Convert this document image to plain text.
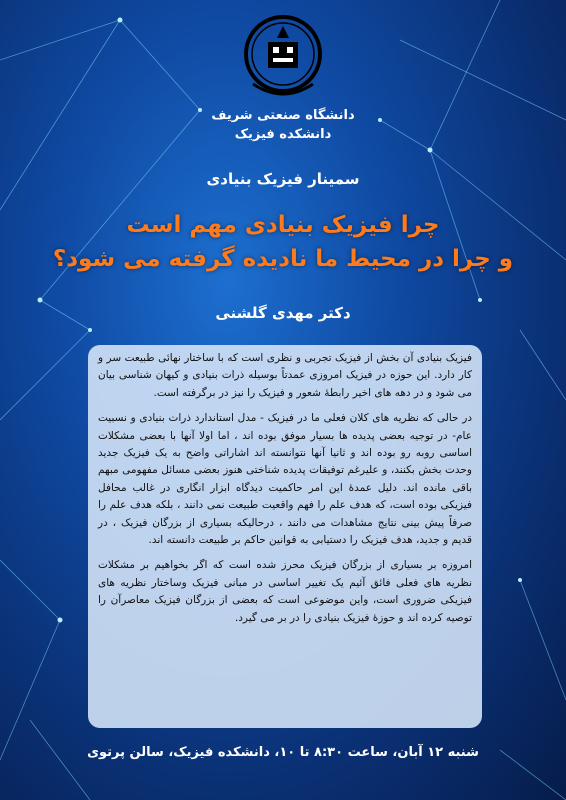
دانشگاه صنعتی شریف
دانشکده فیزیک
سمینار فیزیک بنیادی
چرا فیزیک بنیادی مهم است
و چرا در محیط ما نادیده گرفته می شود؟
دکتر مهدی گلشنی

فیزیک بنیادی آن بخش از فیزیک تجربی و نظری است که با ساختار نهائی طبیعت سر و کار دارد. این حوزه در فیزیک امروزی عمدتاً بوسیله ذرات بنیادی و کیهان شناسی بیان می شود و در دهه های اخیر رابطهٔ شعور و فیزیک را نیز در برگرفته است.

در حالی که نظریه های کلان فعلی ما در فیزیک - مدل استاندارد ذرات بنیادی و نسبیت عام- در توجیه بعضی پدیده ها بسیار موفق بوده اند ، اما اولا آنها با بعضی مشکلات اساسی روبه رو بوده اند و ثانیا آنها نتوانسته اند اشاراتی واضح به یک فیزیک جدید وحدت بخش بکنند، و علیرغم توفیقات پدیده شناختی هنوز بعضی مسائل مفهومی مبهم باقی مانده اند. دلیل عمدهٔ این امر حاکمیت دیدگاه ابزار انگاری در غالب محافل فیزیکی بوده است، که هدف علم را فهم واقعیت طبیعت نمی دانند ، بلکه هدف علم را صرفاً پیش بینی نتایج مشاهدات می دانند ، درحالیکه بسیاری از بزرگان فیزیک ، در قدیم و جدید، هدف فیزیک را دستیابی به قوانین حاکم بر طبیعت دانسته اند.

امروزه بر بسیاری از بزرگان فیزیک محرز شده است که اگر بخواهیم بر مشکلات نظریه های فعلی فائق آئیم یک تغییر اساسی در مبانی فیزیک وساختار نظریه های فیزیکی ضروری است، واین موضوعی است که بعضی از بزرگان فیزیک معاصرآن را توصیه کرده اند و حوزهٔ فیزیک بنیادی را در بر می گیرد.

شنبه ۱۲ آبان، ساعت ۸:۳۰ تا ۱۰، دانشکده فیزیک، سالن پرتوی
